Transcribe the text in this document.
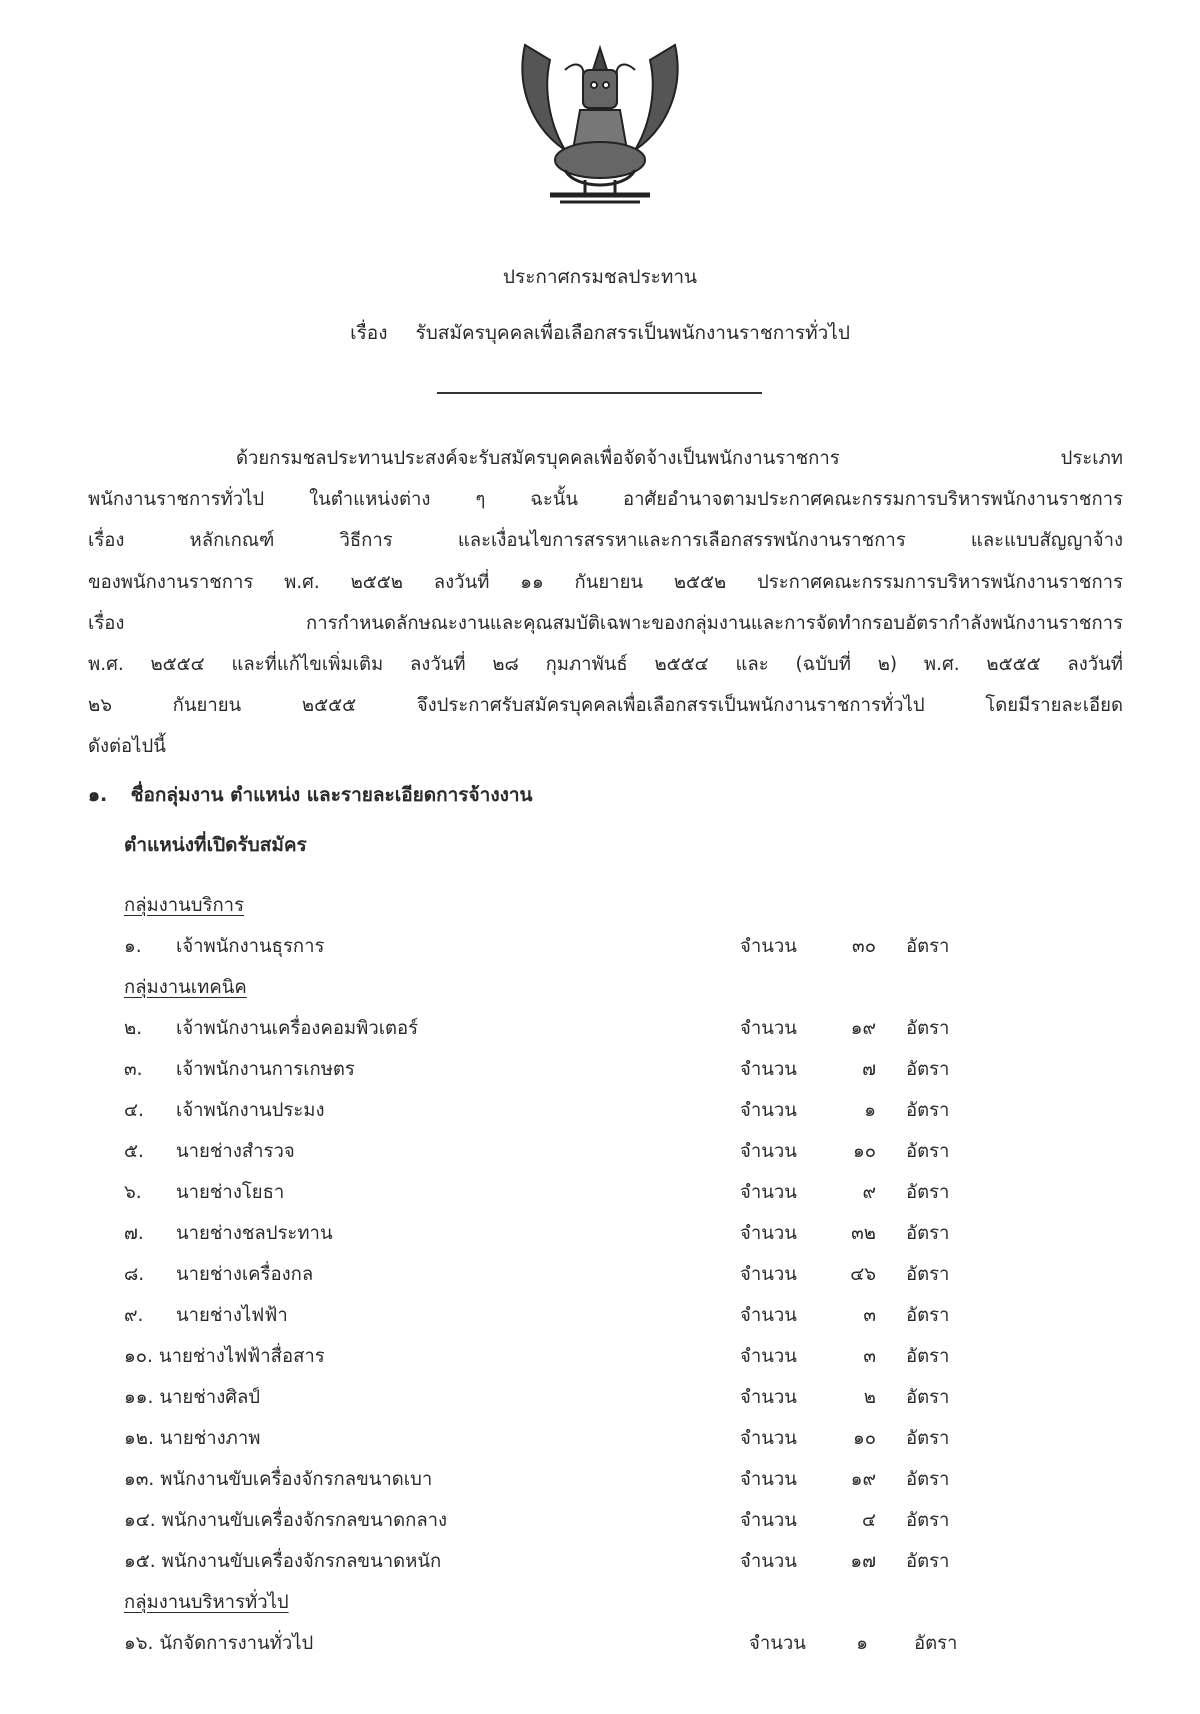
ประกาศกรมชลประทาน
เรื่อง รับสมัครบุคคลเพื่อเลือกสรรเป็นพนักงานราชการทั่วไป
ด้วยกรมชลประทานประสงค์จะรับสมัครบุคคลเพื่อจัดจ้างเป็นพนักงานราชการ ประเภท
พนักงานราชการทั่วไป ในตำแหน่งต่าง ๆ ฉะนั้น อาศัยอำนาจตามประกาศคณะกรรมการบริหารพนักงานราชการ
เรื่อง หลักเกณฑ์ วิธีการ และเงื่อนไขการสรรหาและการเลือกสรรพนักงานราชการ และแบบสัญญาจ้าง
ของพนักงานราชการ พ.ศ. ๒๕๕๒ ลงวันที่ ๑๑ กันยายน ๒๕๕๒ ประกาศคณะกรรมการบริหารพนักงานราชการ
เรื่อง การกำหนดลักษณะงานและคุณสมบัติเฉพาะของกลุ่มงานและการจัดทำกรอบอัตรากำลังพนักงานราชการ
พ.ศ. ๒๕๕๔ และที่แก้ไขเพิ่มเติม ลงวันที่ ๒๘ กุมภาพันธ์ ๒๕๕๔ และ (ฉบับที่ ๒) พ.ศ. ๒๕๕๕ ลงวันที่
๒๖ กันยายน ๒๕๕๕ จึงประกาศรับสมัครบุคคลเพื่อเลือกสรรเป็นพนักงานราชการทั่วไป โดยมีรายละเอียด
ดังต่อไปนี้
๑. ชื่อกลุ่มงาน ตำแหน่ง และรายละเอียดการจ้างงาน
ตำแหน่งที่เปิดรับสมัคร
กลุ่มงานบริการ
๑. เจ้าพนักงานธุรการ	จำนวน	๓๐ อัตรา
กลุ่มงานเทคนิค
๒. เจ้าพนักงานเครื่องคอมพิวเตอร์	จำนวน	๑๙ อัตรา
๓. เจ้าพนักงานการเกษตร	จำนวน	๗ อัตรา
๔. เจ้าพนักงานประมง	จำนวน	๑ อัตรา
๕. นายช่างสำรวจ	จำนวน	๑๐ อัตรา
๖. นายช่างโยธา	จำนวน	๙ อัตรา
๗. นายช่างชลประทาน	จำนวน	๓๒ อัตรา
๘. นายช่างเครื่องกล	จำนวน	๔๖ อัตรา
๙. นายช่างไฟฟ้า	จำนวน	๓ อัตรา
๑๐. นายช่างไฟฟ้าสื่อสาร	จำนวน	๓ อัตรา
๑๑. นายช่างศิลป์	จำนวน	๒ อัตรา
๑๒. นายช่างภาพ	จำนวน	๑๐ อัตรา
๑๓. พนักงานขับเครื่องจักรกลขนาดเบา	จำนวน	๑๙ อัตรา
๑๔. พนักงานขับเครื่องจักรกลขนาดกลาง	จำนวน	๔ อัตรา
๑๕. พนักงานขับเครื่องจักรกลขนาดหนัก	จำนวน	๑๗ อัตรา
กลุ่มงานบริหารทั่วไป
๑๖. นักจัดการงานทั่วไป	จำนวน	๑ อัตรา
